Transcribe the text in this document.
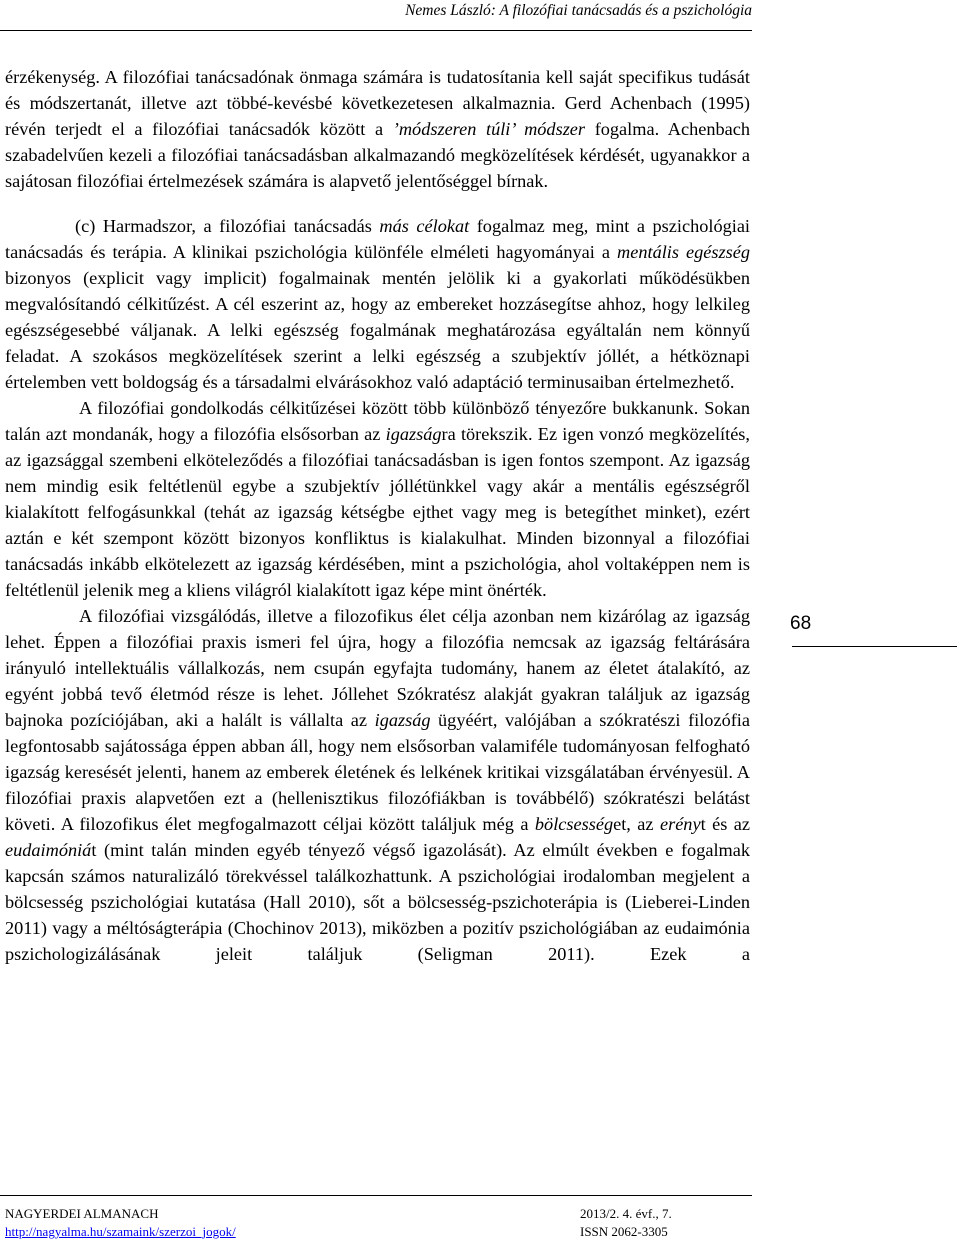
Nemes László: A filozófiai tanácsadás és a pszichológia

érzékenység. A filozófiai tanácsadónak önmaga számára is tudatosítania kell saját specifikus tudását és módszertanát, illetve azt többé-kevésbé következetesen alkalmaznia. Gerd Achenbach (1995) révén terjedt el a filozófiai tanácsadók között a ’módszeren túli’ módszer fogalma. Achenbach szabadelvűen kezeli a filozófiai tanácsadásban alkalmazandó megközelítések kérdését, ugyanakkor a sajátosan filozófiai értelmezések számára is alapvető jelentőséggel bírnak.

(c) Harmadszor, a filozófiai tanácsadás más célokat fogalmaz meg, mint a pszichológiai tanácsadás és terápia. A klinikai pszichológia különféle elméleti hagyományai a mentális egészség bizonyos (explicit vagy implicit) fogalmainak mentén jelölik ki a gyakorlati működésükben megvalósítandó célkitűzést. A cél eszerint az, hogy az embereket hozzásegítse ahhoz, hogy lelkileg egészségesebbé váljanak. A lelki egészség fogalmának meghatározása egyáltalán nem könnyű feladat. A szokásos megközelítések szerint a lelki egészség a szubjektív jóllét, a hétköznapi értelemben vett boldogság és a társadalmi elvárásokhoz való adaptáció terminusaiban értelmezhető.

A filozófiai gondolkodás célkitűzései között több különböző tényezőre bukkanunk. Sokan talán azt mondanák, hogy a filozófia elsősorban az igazságra törekszik. Ez igen vonzó megközelítés, az igazsággal szembeni elköteleződés a filozófiai tanácsadásban is igen fontos szempont. Az igazság nem mindig esik feltétlenül egybe a szubjektív jóllétünkkel vagy akár a mentális egészségről kialakított felfogásunkkal (tehát az igazság kétségbe ejthet vagy meg is betegíthet minket), ezért aztán e két szempont között bizonyos konfliktus is kialakulhat. Minden bizonnyal a filozófiai tanácsadás inkább elkötelezett az igazság kérdésében, mint a pszichológia, ahol voltaképpen nem is feltétlenül jelenik meg a kliens világról kialakított igaz képe mint önérték.

A filozófiai vizsgálódás, illetve a filozofikus élet célja azonban nem kizárólag az igazság lehet. Éppen a filozófiai praxis ismeri fel újra, hogy a filozófia nemcsak az igazság feltárására irányuló intellektuális vállalkozás, nem csupán egyfajta tudomány, hanem az életet átalakító, az egyént jobbá tevő életmód része is lehet. Jóllehet Szókratész alakját gyakran találjuk az igazság bajnoka pozíciójában, aki a halált is vállalta az igazság ügyéért, valójában a szókratészi filozófia legfontosabb sajátossága éppen abban áll, hogy nem elsősorban valamiféle tudományosan felfogható igazság keresését jelenti, hanem az emberek életének és lelkének kritikai vizsgálatában érvényesül. A filozófiai praxis alapvetően ezt a (hellenisztikus filozófiákban is továbbélő) szókratészi belátást követi. A filozofikus élet megfogalmazott céljai között találjuk még a bölcsességet, az erényt és az eudaimóniát (mint talán minden egyéb tényező végső igazolását). Az elmúlt években e fogalmak kapcsán számos naturalizáló törekvéssel találkozhattunk. A pszichológiai irodalomban megjelent a bölcsesség pszichológiai kutatása (Hall 2010), sőt a bölcsesség-pszichoterápia is (Lieberei-Linden 2011) vagy a méltóságterápia (Chochinov 2013), miközben a pozitív pszichológiában az eudaimónia pszichologizálásának jeleit találjuk (Seligman 2011). Ezek a

68
NAGYERDEI ALMANACH
http://nagyalma.hu/szamaink/szerzoi_jogok/
2013/2. 4. évf., 7.
ISSN 2062-3305
